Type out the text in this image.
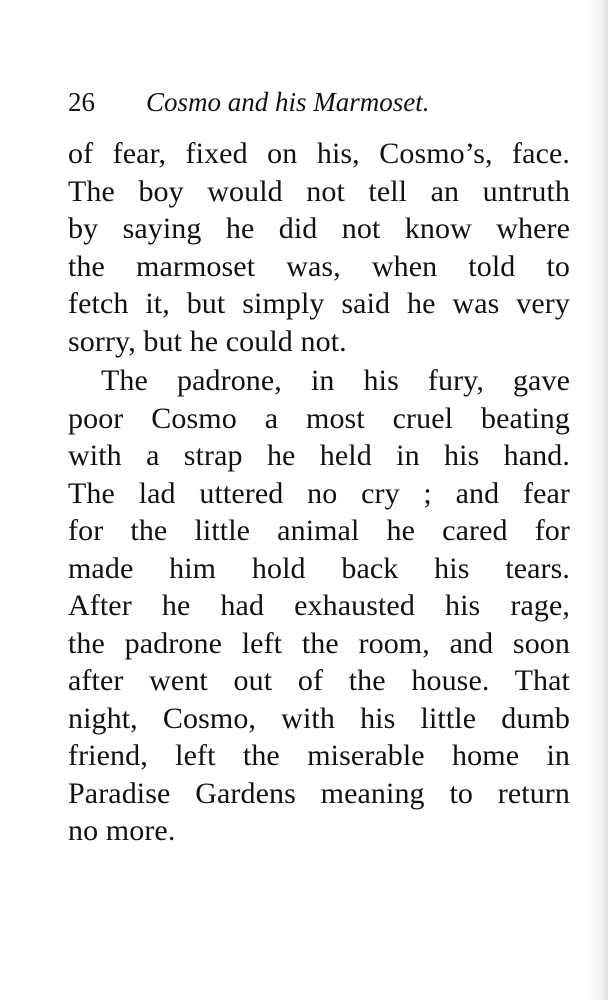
26 Cosmo and his Marmoset.
of fear, fixed on his, Cosmo’s, face.
The boy would not tell an untruth
by saying he did not know where
the marmoset was, when told to
fetch it, but simply said he was very
sorry, but he could not.
The padrone, in his fury, gave
poor Cosmo a most cruel beating
with a strap he held in his hand.
The lad uttered no cry ; and fear
for the little animal he cared for
made him hold back his tears.
After he had exhausted his rage,
the padrone left the room, and soon
after went out of the house. That
night, Cosmo, with his little dumb
friend, left the miserable home in
Paradise Gardens meaning to return
no more.
